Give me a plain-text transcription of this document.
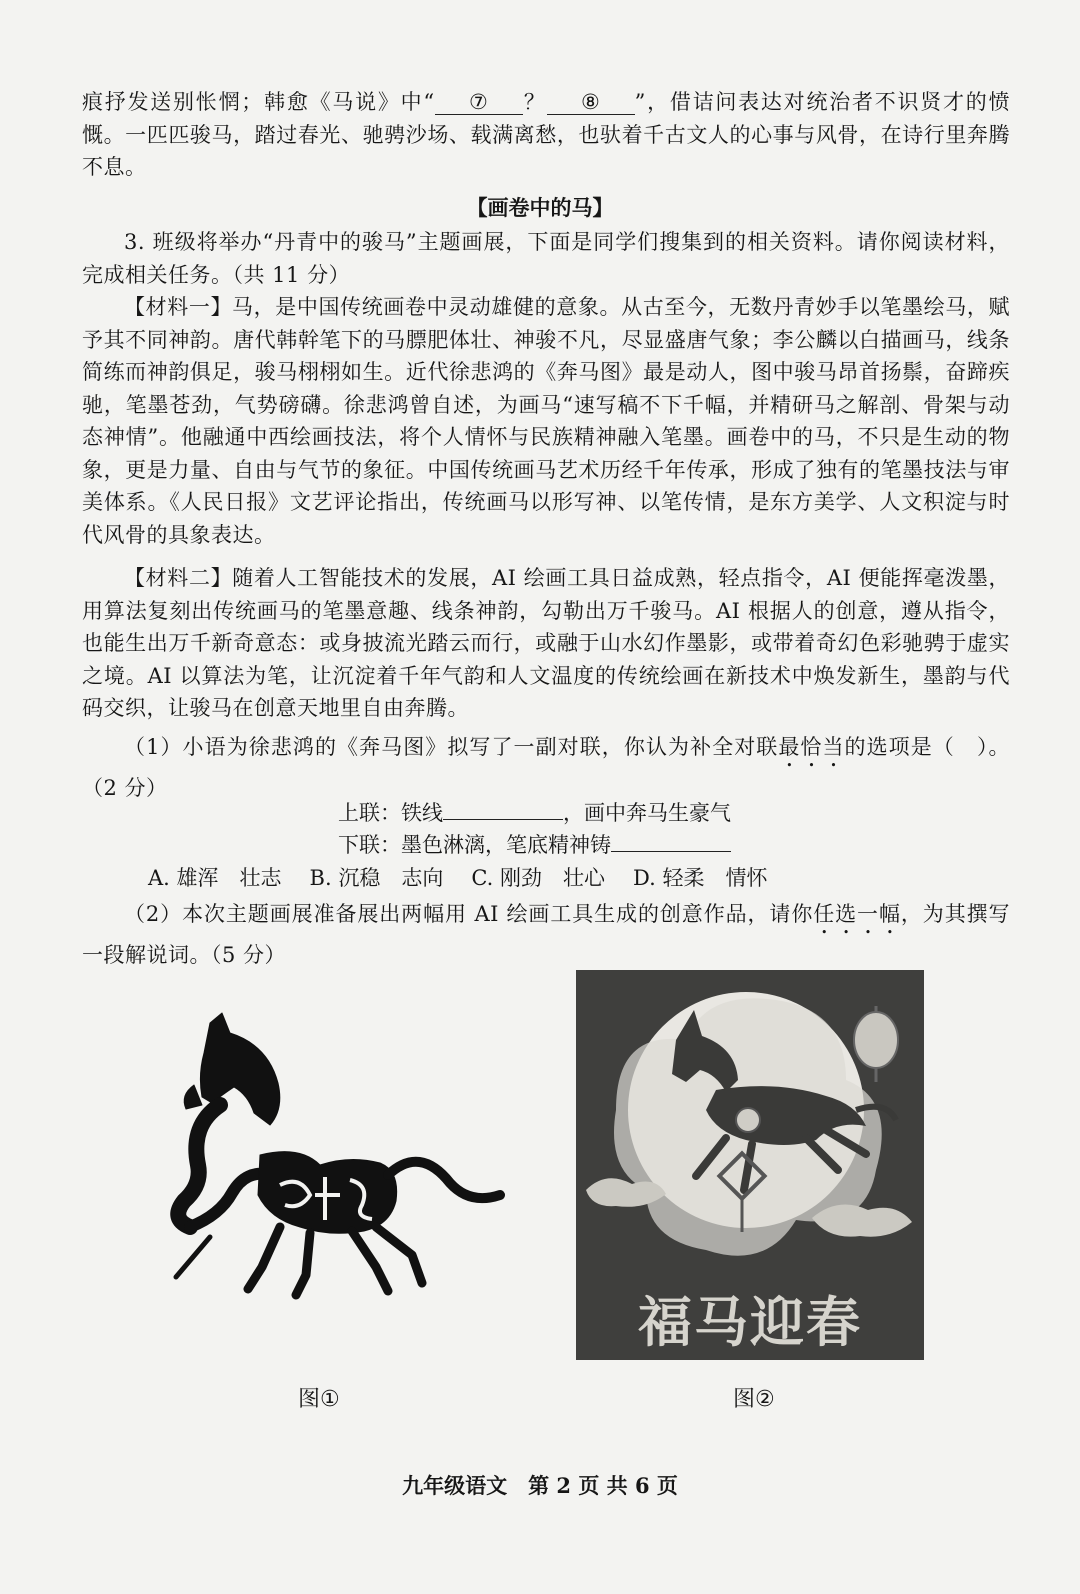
痕抒发送别怅惘；韩愈《马说》中“ ⑦ ？ ⑧ ”，借诘问表达对统治者不识贤才的愤慨。一匹匹骏马，踏过春光、驰骋沙场、载满离愁，也驮着千古文人的心事与风骨，在诗行里奔腾不息。
【画卷中的马】
3. 班级将举办“丹青中的骏马”主题画展，下面是同学们搜集到的相关资料。请你阅读材料，完成相关任务。（共 11 分）
【材料一】马，是中国传统画卷中灵动雄健的意象。从古至今，无数丹青妙手以笔墨绘马，赋予其不同神韵。唐代韩幹笔下的马膘肥体壮、神骏不凡，尽显盛唐气象；李公麟以白描画马，线条简练而神韵俱足，骏马栩栩如生。近代徐悲鸿的《奔马图》最是动人，图中骏马昂首扬鬃，奋蹄疾驰，笔墨苍劲，气势磅礴。徐悲鸿曾自述，为画马“速写稿不下千幅，并精研马之解剖、骨架与动态神情”。他融通中西绘画技法，将个人情怀与民族精神融入笔墨。画卷中的马，不只是生动的物象，更是力量、自由与气节的象征。中国传统画马艺术历经千年传承，形成了独有的笔墨技法与审美体系。《人民日报》文艺评论指出，传统画马以形写神、以笔传情，是东方美学、人文积淀与时代风骨的具象表达。
【材料二】随着人工智能技术的发展，AI 绘画工具日益成熟，轻点指令，AI 便能挥毫泼墨，用算法复刻出传统画马的笔墨意趣、线条神韵，勾勒出万千骏马。AI 根据人的创意，遵从指令，也能生出万千新奇意态：或身披流光踏云而行，或融于山水幻作墨影，或带着奇幻色彩驰骋于虚实之境。AI 以算法为笔，让沉淀着千年气韵和人文温度的传统绘画在新技术中焕发新生，墨韵与代码交织，让骏马在创意天地里自由奔腾。
（1）小语为徐悲鸿的《奔马图》拟写了一副对联，你认为补全对联最恰当的选项是（　）。（2 分）
上联：铁线	，画中奔马生豪气
下联：墨色淋漓，笔底精神铸
A. 雄浑　壮志 B. 沉稳　志向 C. 刚劲　壮心 D. 轻柔　情怀
（2）本次主题画展准备展出两幅用 AI 绘画工具生成的创意作品，请你任选一幅，为其撰写一段解说词。（5 分）
福马迎春
图①	图②
九年级语文　第 2 页 共 6 页
